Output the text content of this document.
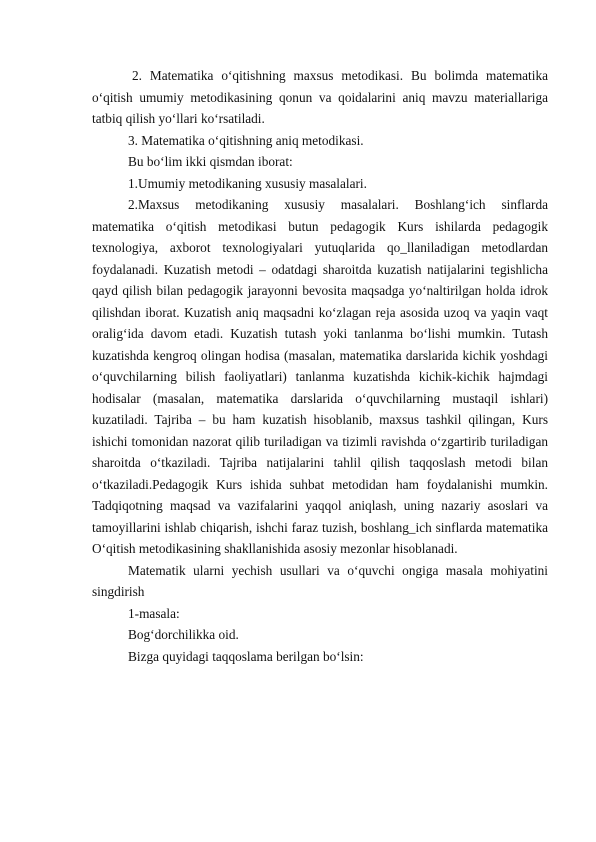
2. Matematika o‘qitishning maxsus metodikasi. Bu bolimda matematika o‘qitish umumiy metodikasining qonun va qoidalarini aniq mavzu materiallariga tatbiq qilish yo‘llari ko‘rsatiladi.

3. Matematika o‘qitishning aniq metodikasi.

Bu bo‘lim ikki qismdan iborat:

1.Umumiy metodikaning xususiy masalalari.

2.Maxsus metodikaning xususiy masalalari. Boshlang‘ich sinflarda matematika o‘qitish metodikasi butun pedagogik Kurs ishilarda pedagogik texnologiya, axborot texnologiyalari yutuqlarida qo_llaniladigan metodlardan foydalanadi. Kuzatish metodi – odatdagi sharoitda kuzatish natijalarini tegishlicha qayd qilish bilan pedagogik jarayonni bevosita maqsadga yo‘naltirilgan holda idrok qilishdan iborat. Kuzatish aniq maqsadni ko‘zlagan reja asosida uzoq va yaqin vaqt oralig‘ida davom etadi. Kuzatish tutash yoki tanlanma bo‘lishi mumkin. Tutash kuzatishda kengroq olingan hodisa (masalan, matematika darslarida kichik yoshdagi o‘quvchilarning bilish faoliyatlari) tanlanma kuzatishda kichik-kichik hajmdagi hodisalar (masalan, matematika darslarida o‘quvchilarning mustaqil ishlari) kuzatiladi. Tajriba – bu ham kuzatish hisoblanib, maxsus tashkil qilingan, Kurs ishichi tomonidan nazorat qilib turiladigan va tizimli ravishda o‘zgartirib turiladigan sharoitda o‘tkaziladi. Tajriba natijalarini tahlil qilish taqqoslash metodi bilan o‘tkaziladi.Pedagogik Kurs ishida suhbat metodidan ham foydalanishi mumkin. Tadqiqotning maqsad va vazifalarini yaqqol aniqlash, uning nazariy asoslari va tamoyillarini ishlab chiqarish, ishchi faraz tuzish, boshlang_ich sinflarda matematika O‘qitish metodikasining shakllanishida asosiy mezonlar hisoblanadi.

Matematik ularni yechish usullari va o‘quvchi ongiga masala mohiyatini singdirish

1-masala:

Bog‘dorchilikka oid.

Bizga quyidagi taqqoslama berilgan bo‘lsin:
